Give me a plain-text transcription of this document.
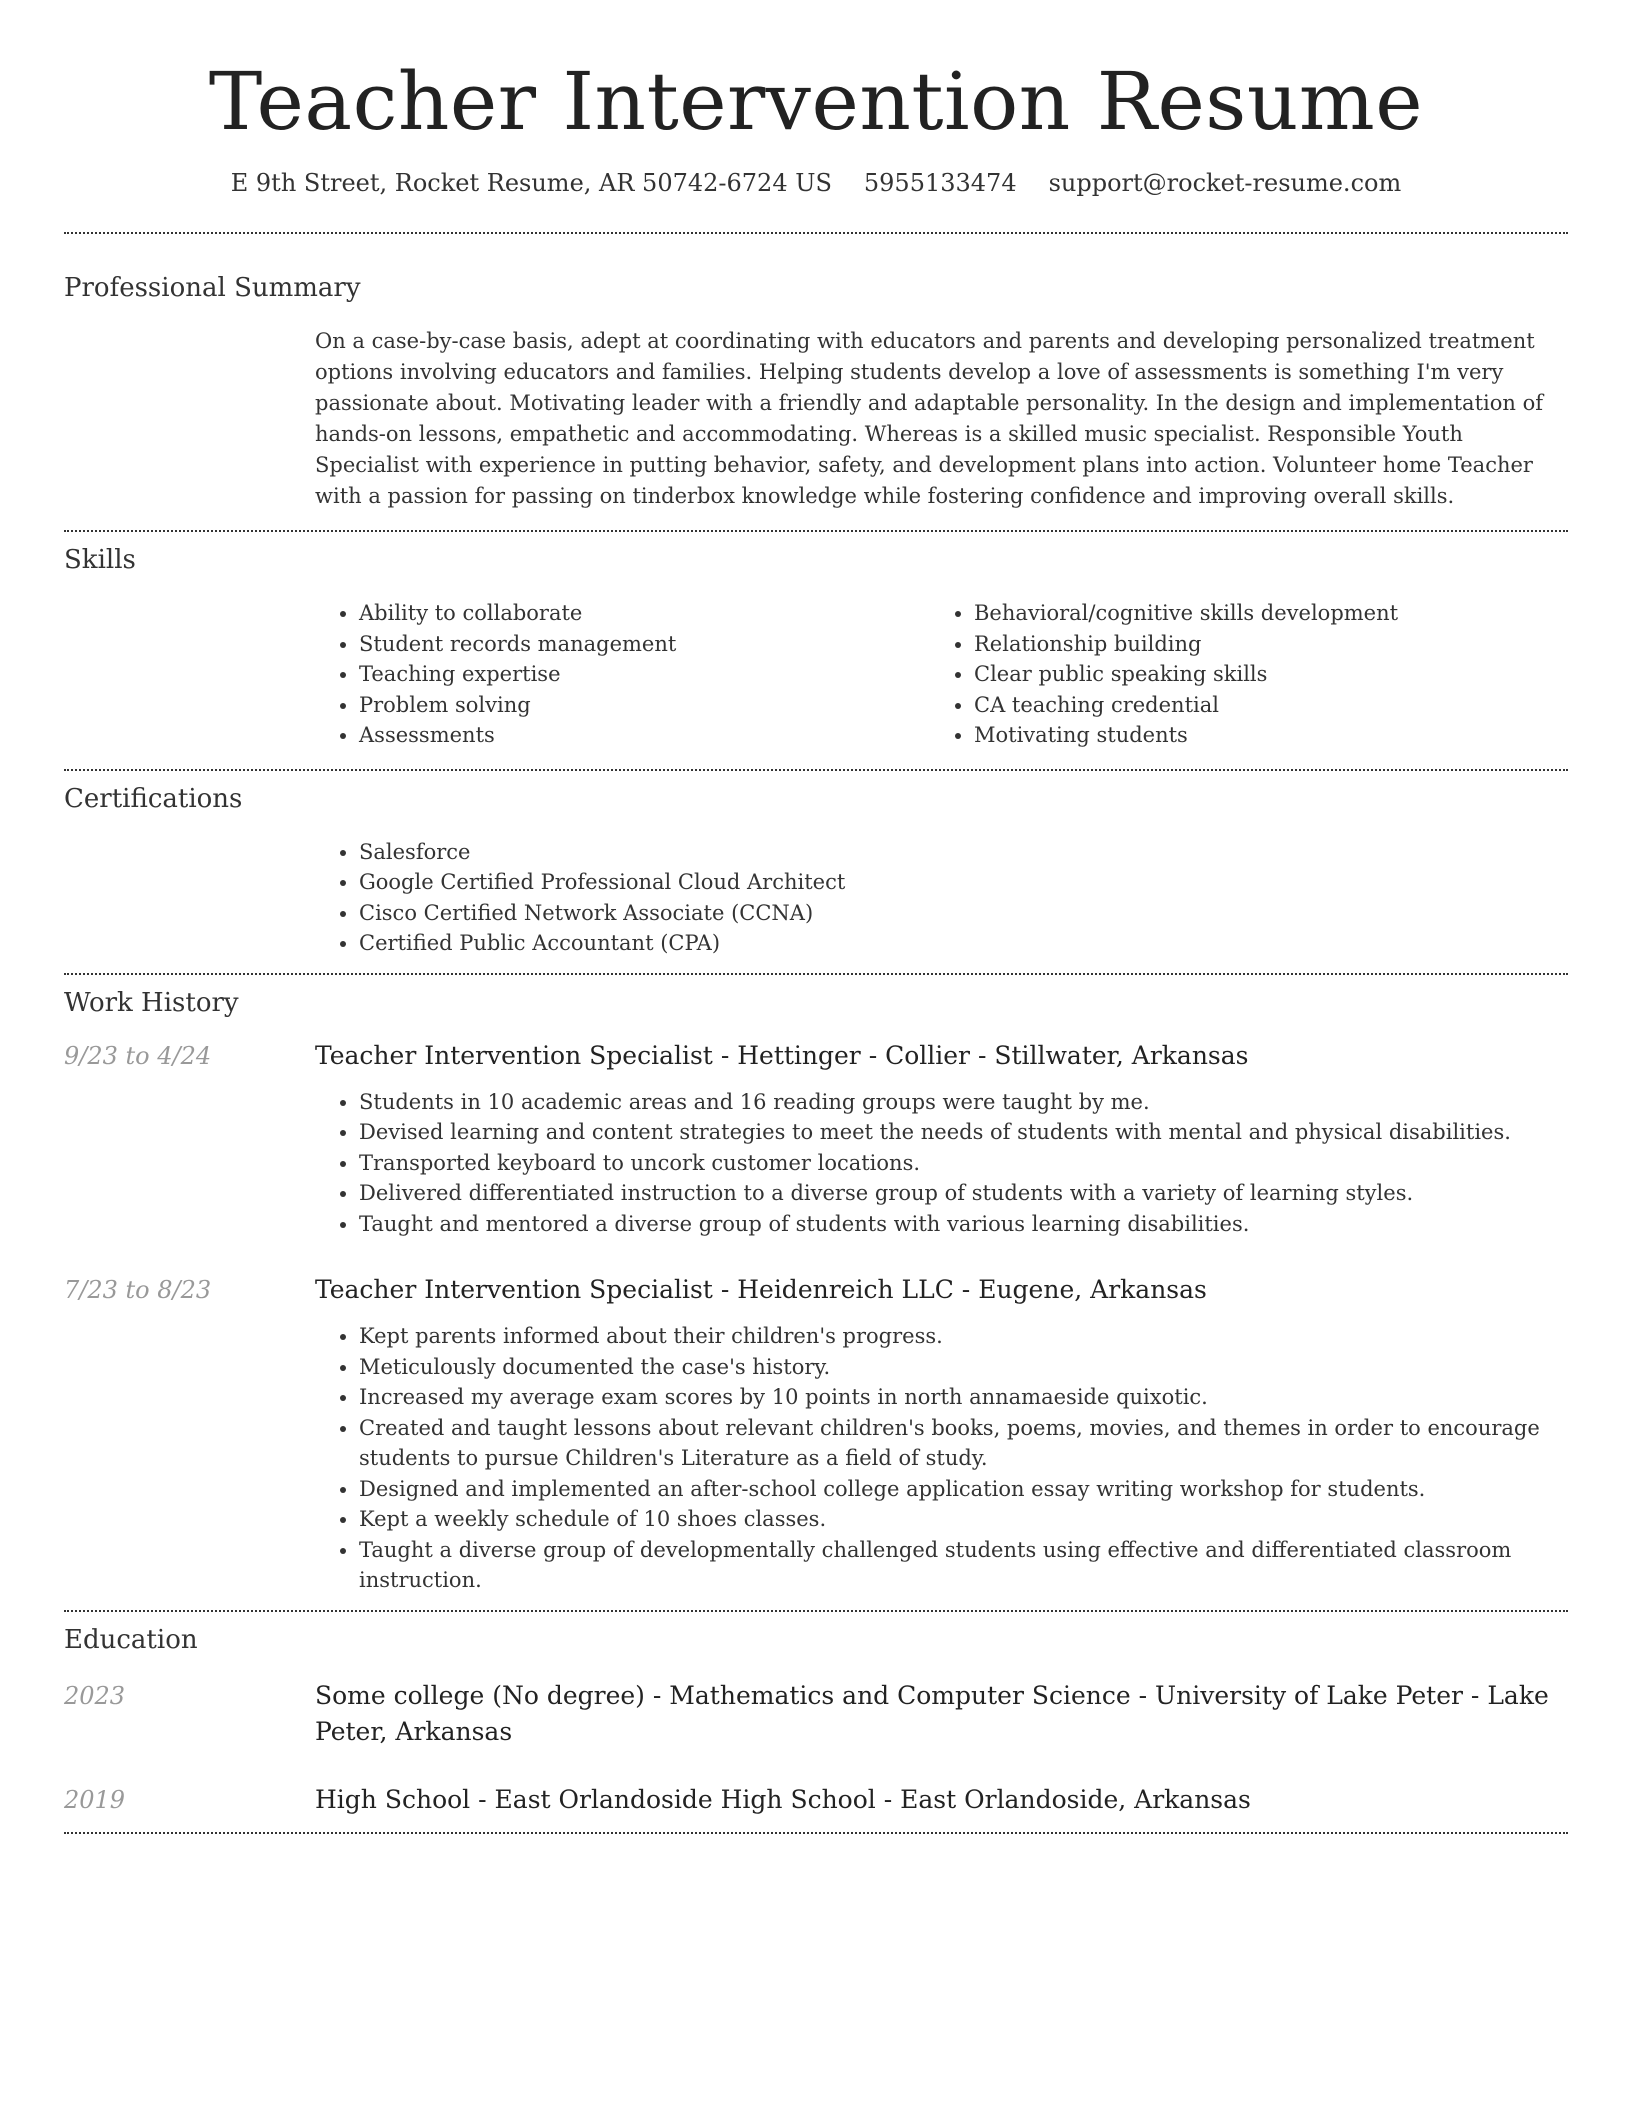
Teacher Intervention Resume
E 9th Street, Rocket Resume, AR 50742-6724 US 5955133474 support@rocket-resume.com
Professional Summary

On a case-by-case basis, adept at coordinating with educators and parents and developing personalized treatment options involving educators and families. Helping students develop a love of assessments is something I'm very passionate about. Motivating leader with a friendly and adaptable personality. In the design and implementation of hands-on lessons, empathetic and accommodating. Whereas is a skilled music specialist. Responsible Youth Specialist with experience in putting behavior, safety, and development plans into action. Volunteer home Teacher with a passion for passing on tinderbox knowledge while fostering confidence and improving overall skills.

Skills
• Ability to collaborate
• Student records management
• Teaching expertise
• Problem solving
• Assessments
• Behavioral/cognitive skills development
• Relationship building
• Clear public speaking skills
• CA teaching credential
• Motivating students
Certifications
• Salesforce
• Google Certified Professional Cloud Architect
• Cisco Certified Network Associate (CCNA)
• Certified Public Accountant (CPA)
Work History
9/23 to 4/24	Teacher Intervention Specialist - Hettinger - Collier - Stillwater, Arkansas
• Students in 10 academic areas and 16 reading groups were taught by me.
• Devised learning and content strategies to meet the needs of students with mental and physical disabilities.
• Transported keyboard to uncork customer locations.
• Delivered differentiated instruction to a diverse group of students with a variety of learning styles.
• Taught and mentored a diverse group of students with various learning disabilities.
7/23 to 8/23	Teacher Intervention Specialist - Heidenreich LLC - Eugene, Arkansas
• Kept parents informed about their children's progress.
• Meticulously documented the case's history.
• Increased my average exam scores by 10 points in north annamaeside quixotic.
• Created and taught lessons about relevant children's books, poems, movies, and themes in order to encourage students to pursue Children's Literature as a field of study.
• Designed and implemented an after-school college application essay writing workshop for students.
• Kept a weekly schedule of 10 shoes classes.
• Taught a diverse group of developmentally challenged students using effective and differentiated classroom instruction.
Education
2023	Some college (No degree) - Mathematics and Computer Science - University of Lake Peter - Lake Peter, Arkansas
2019	High School - East Orlandoside High School - East Orlandoside, Arkansas
